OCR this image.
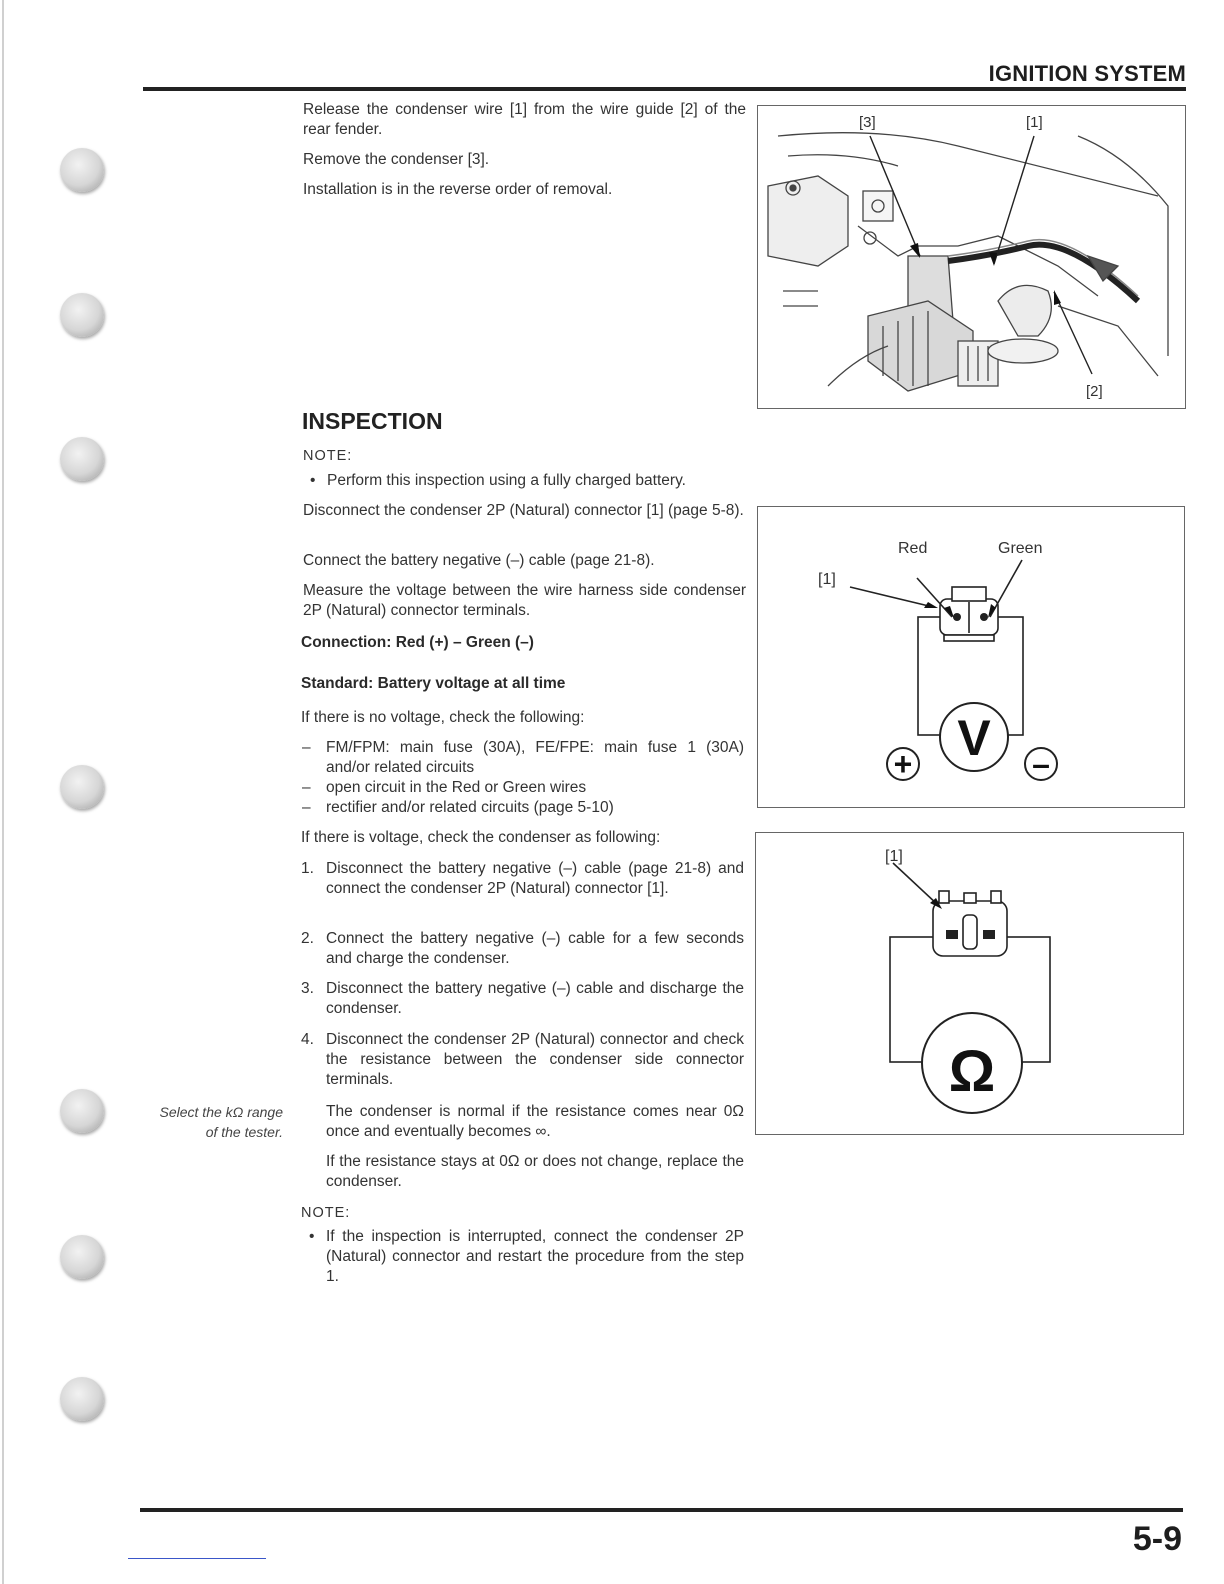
IGNITION SYSTEM
Release the condenser wire [1] from the wire guide [2] of the rear fender.
Remove the condenser [3].
Installation is in the reverse order of removal.
[3]	[1]
[2]
INSPECTION
NOTE:
• Perform this inspection using a fully charged battery.
Disconnect the condenser 2P (Natural) connector [1] (page 5-8).
Connect the battery negative (–) cable (page 21-8).
Measure the voltage between the wire harness side condenser 2P (Natural) connector terminals.
Connection: Red (+) – Green (–)
Standard: Battery voltage at all time
If there is no voltage, check the following:
– FM/FPM: main fuse (30A), FE/FPE: main fuse 1 (30A) and/or related circuits
– open circuit in the Red or Green wires
– rectifier and/or related circuits (page 5-10)
If there is voltage, check the condenser as following:
1. Disconnect the battery negative (–) cable (page 21-8) and connect the condenser 2P (Natural) connector [1].
2. Connect the battery negative (–) cable for a few seconds and charge the condenser.
3. Disconnect the battery negative (–) cable and discharge the condenser.
4. Disconnect the condenser 2P (Natural) connector and check the resistance between the condenser side connector terminals.
Select the kΩ range
of the tester.
The condenser is normal if the resistance comes near 0Ω once and eventually becomes ∞.
If the resistance stays at 0Ω or does not change, replace the condenser.
NOTE:
• If the inspection is interrupted, connect the condenser 2P (Natural) connector and restart the procedure from the step 1.
V
+	–
Red	Green
[1]
Ω
[1]
5-9
